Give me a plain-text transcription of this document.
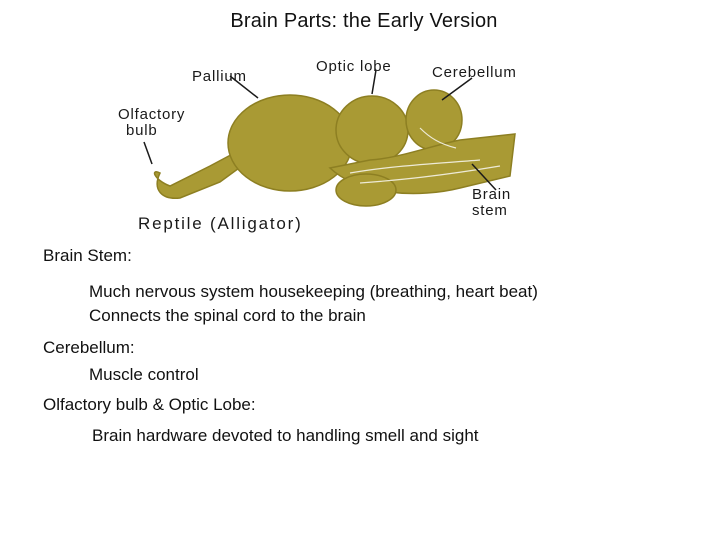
Brain Parts: the Early Version
Pallium
Optic lobe	Cerebellum
Olfactory
bulb
Brain
stem
Reptile (Alligator)
Brain Stem:
Much nervous system housekeeping (breathing, heart beat)
Connects the spinal cord to the brain
Cerebellum:
Muscle control
Olfactory bulb & Optic Lobe:
Brain hardware devoted to handling smell and sight
